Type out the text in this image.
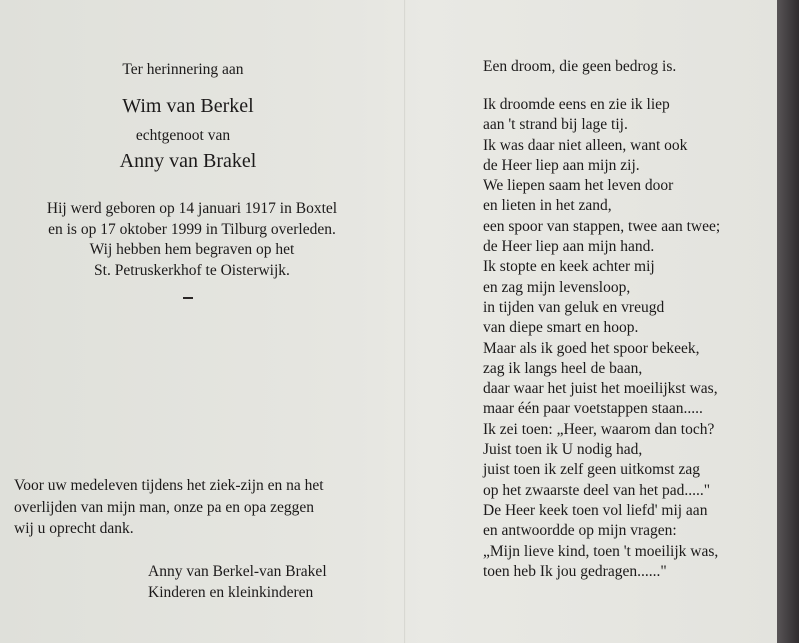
Ter herinnering aan
Wim van Berkel
echtgenoot van
Anny van Brakel
Hij werd geboren op 14 januari 1917 in Boxtel
en is op 17 oktober 1999 in Tilburg overleden.
Wij hebben hem begraven op het
St. Petruskerkhof te Oisterwijk.
Voor uw medeleven tijdens het ziek-zijn en na het
overlijden van mijn man, onze pa en opa zeggen
wij u oprecht dank.
Anny van Berkel-van Brakel
Kinderen en kleinkinderen
Een droom, die geen bedrog is.
Ik droomde eens en zie ik liep
aan 't strand bij lage tij.
Ik was daar niet alleen, want ook
de Heer liep aan mijn zij.
We liepen saam het leven door
en lieten in het zand,
een spoor van stappen, twee aan twee;
de Heer liep aan mijn hand.
Ik stopte en keek achter mij
en zag mijn levensloop,
in tijden van geluk en vreugd
van diepe smart en hoop.
Maar als ik goed het spoor bekeek,
zag ik langs heel de baan,
daar waar het juist het moeilijkst was,
maar één paar voetstappen staan.....
Ik zei toen: „Heer, waarom dan toch?
Juist toen ik U nodig had,
juist toen ik zelf geen uitkomst zag
op het zwaarste deel van het pad....."
De Heer keek toen vol liefd' mij aan
en antwoordde op mijn vragen:
„Mijn lieve kind, toen 't moeilijk was,
toen heb Ik jou gedragen......"
